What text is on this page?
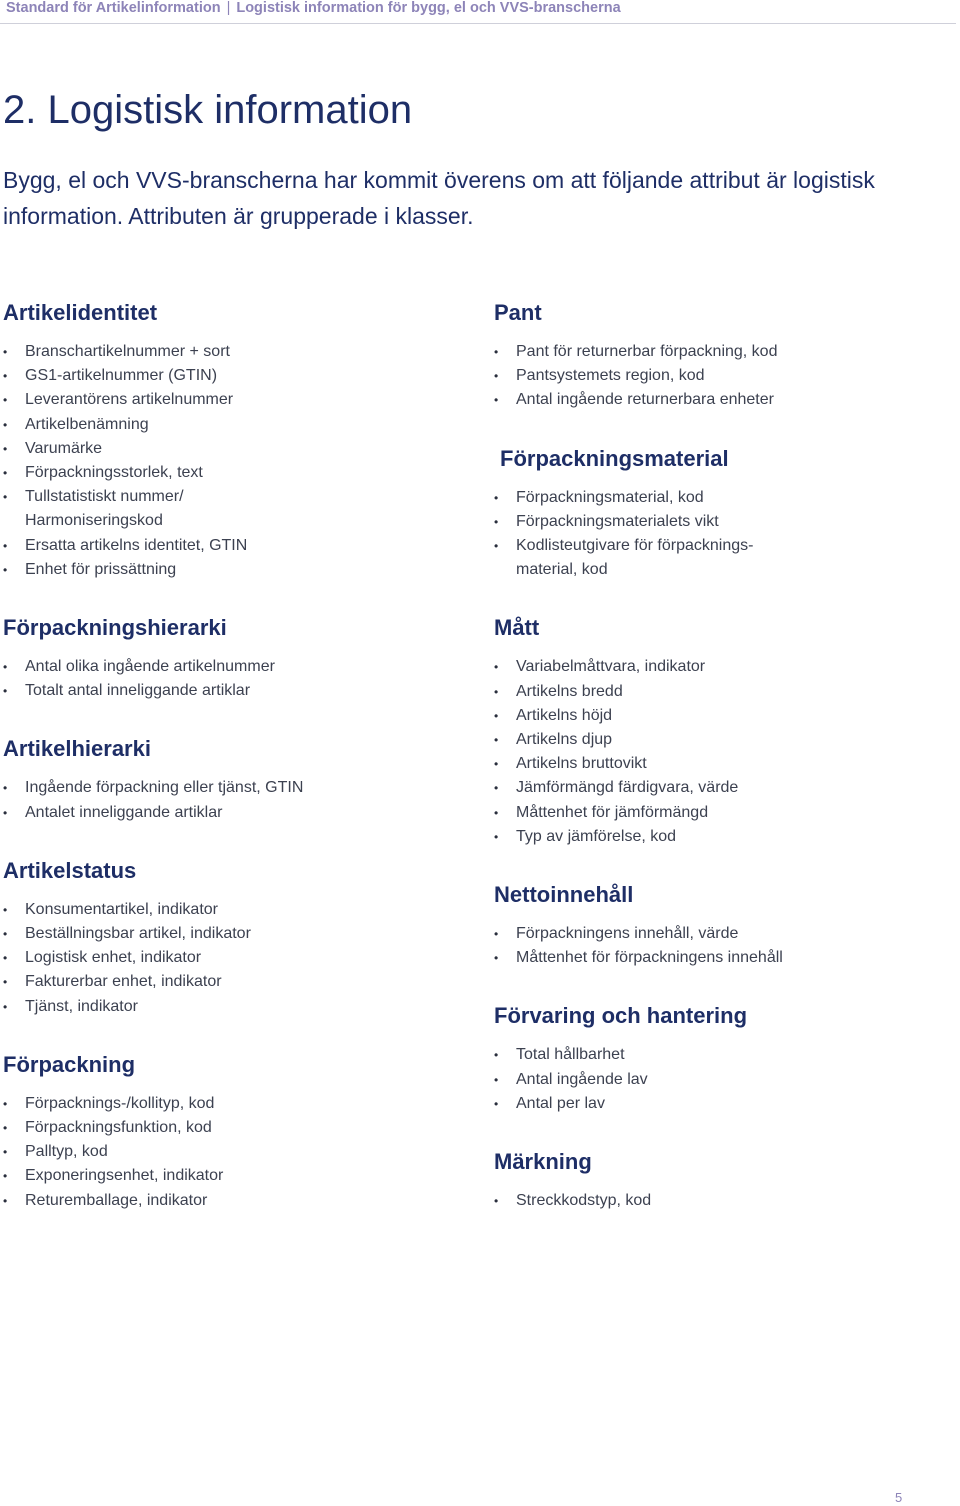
Standard för Artikelinformation | Logistisk information för bygg, el och VVS-branscherna
2. Logistisk information

Bygg, el och VVS-branscherna har kommit överens om att följande attribut är logistisk information. Attributen är grupperade i klasser.

Artikelidentitet
• Branschartikelnummer + sort
• GS1-artikelnummer (GTIN)
• Leverantörens artikelnummer
• Artikelbenämning
• Varumärke
• Förpackningsstorlek, text
• Tullstatistiskt nummer/
Harmoniseringskod
• Ersatta artikelns identitet, GTIN
• Enhet för prissättning
Förpackningshierarki
• Antal olika ingående artikelnummer
• Totalt antal inneliggande artiklar
Artikelhierarki
• Ingående förpackning eller tjänst, GTIN
• Antalet inneliggande artiklar
Artikelstatus
• Konsumentartikel, indikator
• Beställningsbar artikel, indikator
• Logistisk enhet, indikator
• Fakturerbar enhet, indikator
• Tjänst, indikator
Förpackning
• Förpacknings-/kollityp, kod
• Förpackningsfunktion, kod
• Palltyp, kod
• Exponeringsenhet, indikator
• Returemballage, indikator
Pant
• Pant för returnerbar förpackning, kod
• Pantsystemets region, kod
• Antal ingående returnerbara enheter
Förpackningsmaterial
• Förpackningsmaterial, kod
• Förpackningsmaterialets vikt
• Kodlisteutgivare för förpacknings-
material, kod
Mått
• Variabelmåttvara, indikator
• Artikelns bredd
• Artikelns höjd
• Artikelns djup
• Artikelns bruttovikt
• Jämförmängd färdigvara, värde
• Måttenhet för jämförmängd
• Typ av jämförelse, kod
Nettoinnehåll
• Förpackningens innehåll, värde
• Måttenhet för förpackningens innehåll
Förvaring och hantering
• Total hållbarhet
• Antal ingående lav
• Antal per lav
Märkning
• Streckkodstyp, kod
5
